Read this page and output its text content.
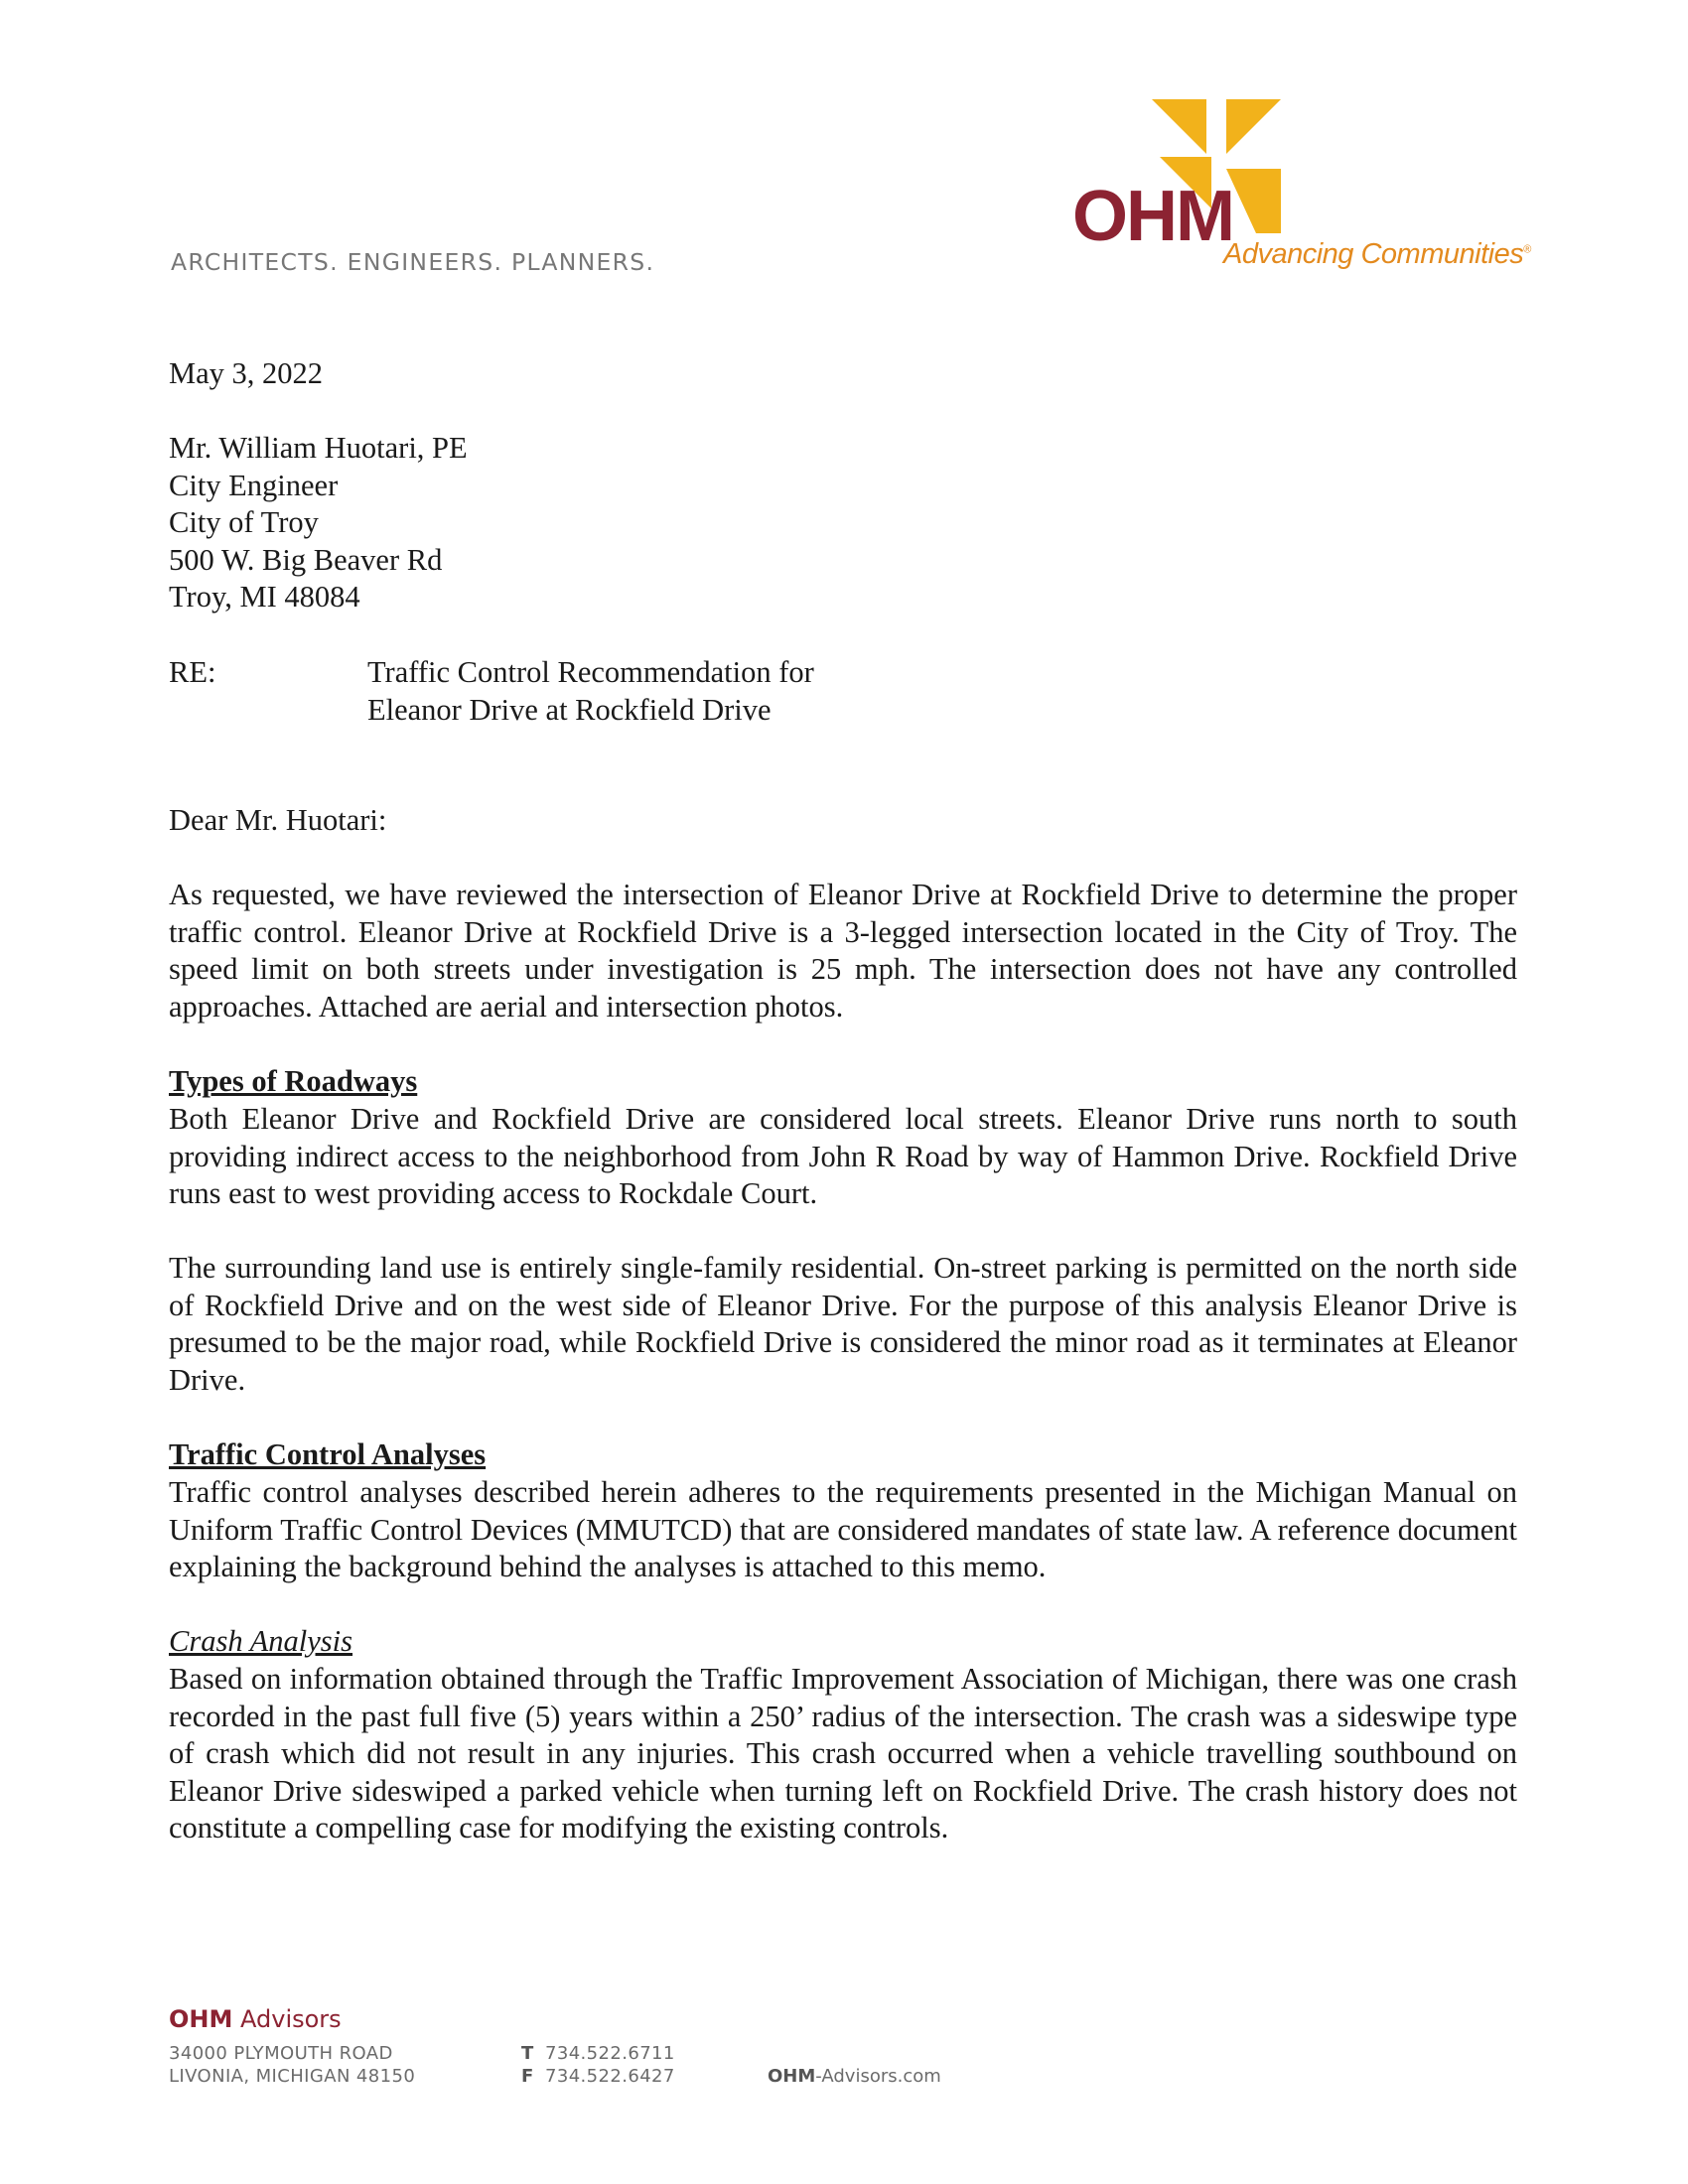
ARCHITECTS. ENGINEERS. PLANNERS.
OHM
Advancing Communities®
May 3, 2022
Mr. William Huotari, PE
City Engineer
City of Troy
500 W. Big Beaver Rd
Troy, MI 48084
RE:	Traffic Control Recommendation for
Eleanor Drive at Rockfield Drive
Dear Mr. Huotari:
As requested, we have reviewed the intersection of Eleanor Drive at Rockfield Drive to determine the proper traffic control. Eleanor Drive at Rockfield Drive is a 3-legged intersection located in the City of Troy. The speed limit on both streets under investigation is 25 mph. The intersection does not have any controlled approaches. Attached are aerial and intersection photos.
Types of Roadways
Both Eleanor Drive and Rockfield Drive are considered local streets. Eleanor Drive runs north to south providing indirect access to the neighborhood from John R Road by way of Hammon Drive. Rockfield Drive runs east to west providing access to Rockdale Court.
The surrounding land use is entirely single-family residential. On-street parking is permitted on the north side of Rockfield Drive and on the west side of Eleanor Drive. For the purpose of this analysis Eleanor Drive is presumed to be the major road, while Rockfield Drive is considered the minor road as it terminates at Eleanor Drive.
Traffic Control Analyses
Traffic control analyses described herein adheres to the requirements presented in the Michigan Manual on Uniform Traffic Control Devices (MMUTCD) that are considered mandates of state law. A reference document explaining the background behind the analyses is attached to this memo.
Crash Analysis
Based on information obtained through the Traffic Improvement Association of Michigan, there was one crash recorded in the past full five (5) years within a 250’ radius of the intersection. The crash was a sideswipe type of crash which did not result in any injuries. This crash occurred when a vehicle travelling southbound on Eleanor Drive sideswiped a parked vehicle when turning left on Rockfield Drive. The crash history does not constitute a compelling case for modifying the existing controls.
OHM Advisors
34000 PLYMOUTH ROAD
LIVONIA, MICHIGAN 48150
T 734.522.6711
F 734.522.6427	OHM-Advisors.com
